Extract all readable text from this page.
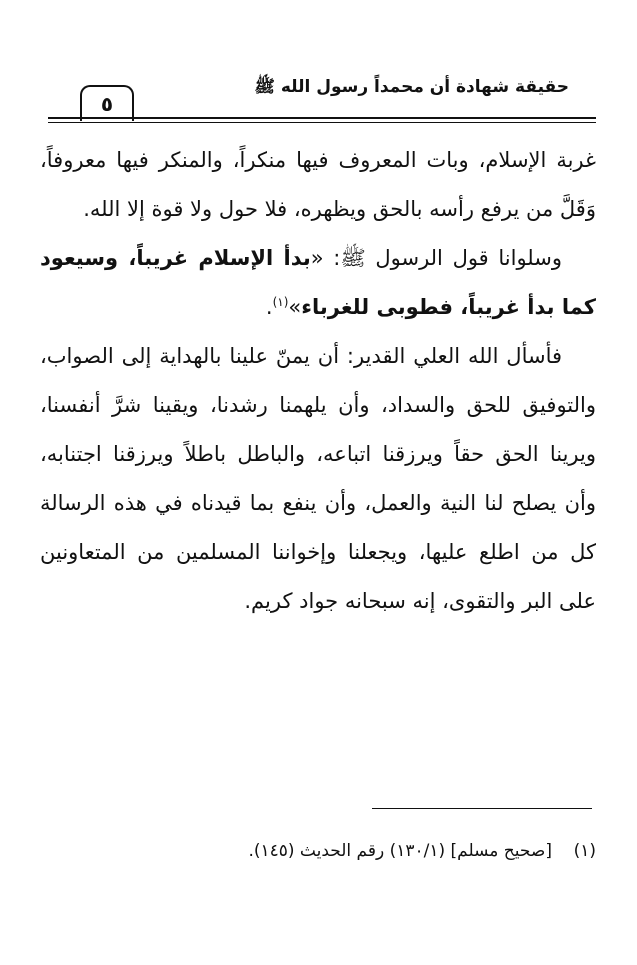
حقيقة شهادة أن محمداً رسول الله ﷺ
٥

غربة الإسلام، وبات المعروف فيها منكراً، والمنكر فيها معروفاً، وَقَلَّ من يرفع رأسه بالحق ويظهره، فلا حول ولا قوة إلا الله.

وسلوانا قول الرسول ﷺ: «بدأ الإسلام غريباً، وسيعود كما بدأ غريباً، فطوبى للغرباء»$^{(١)}$.

فأسأل الله العلي القدير: أن يمنّ علينا بالهداية إلى الصواب، والتوفيق للحق والسداد، وأن يلهمنا رشدنا، ويقينا شرَّ أنفسنا، ويرينا الحق حقاً ويرزقنا اتباعه، والباطل باطلاً ويرزقنا اجتنابه، وأن يصلح لنا النية والعمل، وأن ينفع بما قيدناه في هذه الرسالة كل من اطلع عليها، ويجعلنا وإخواننا المسلمين من المتعاونين على البر والتقوى، إنه سبحانه جواد كريم.

(١)    [صحيح مسلم] (١٣٠/١) رقم الحديث (١٤٥).
